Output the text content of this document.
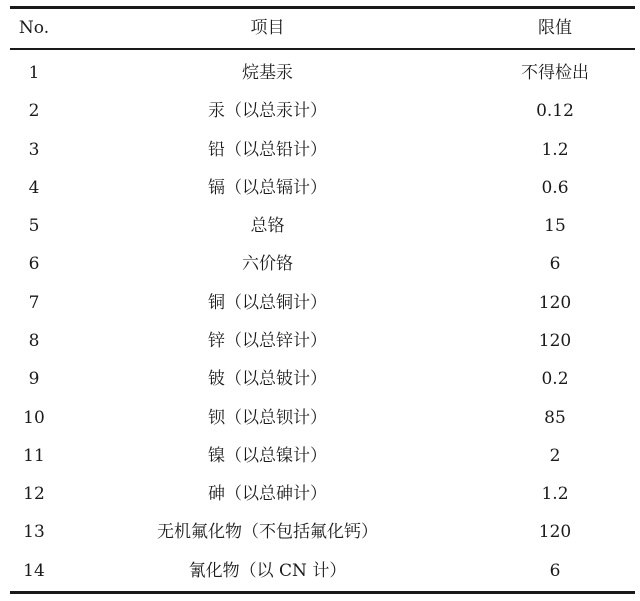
No.	项目	限值
1	烷基汞	不得检出
2	汞（以总汞计）	0.12
3	铅（以总铅计）	1.2
4	镉（以总镉计）	0.6
5	总铬	15
6	六价铬	6
7	铜（以总铜计）	120
8	锌（以总锌计）	120
9	铍（以总铍计）	0.2
10	钡（以总钡计）	85
11	镍（以总镍计）	2
12	砷（以总砷计）	1.2
13	无机氟化物（不包括氟化钙）	120
14	氰化物（以 CN 计）	6
